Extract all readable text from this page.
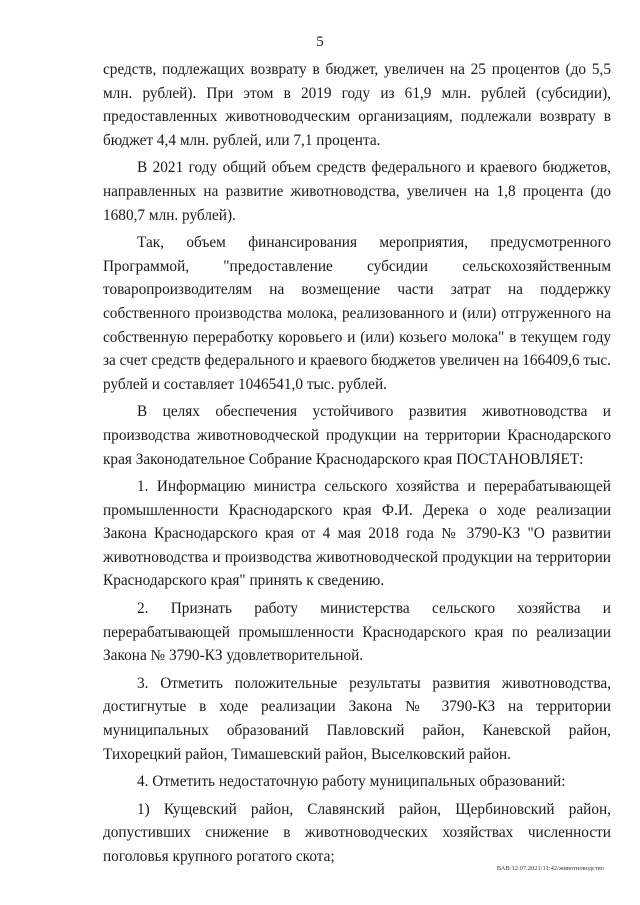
5

средств, подлежащих возврату в бюджет, увеличен на 25 процентов (до 5,5 млн. рублей). При этом в 2019 году из 61,9 млн. рублей (субсидии), предоставленных животноводческим организациям, подлежали возврату в бюджет 4,4 млн. рублей, или 7,1 процента.

В 2021 году общий объем средств федерального и краевого бюджетов, направленных на развитие животноводства, увеличен на 1,8 процента (до 1680,7 млн. рублей).

Так, объем финансирования мероприятия, предусмотренного Программой, "предоставление субсидии сельскохозяйственным товаропроизводителям на возмещение части затрат на поддержку собственного производства молока, реализованного и (или) отгруженного на собственную переработку коровьего и (или) козьего молока" в текущем году за счет средств федерального и краевого бюджетов увеличен на 166409,6 тыс. рублей и составляет 1046541,0 тыс. рублей.

В целях обеспечения устойчивого развития животноводства и производства животноводческой продукции на территории Краснодарского края Законодательное Собрание Краснодарского края ПОСТАНОВЛЯЕТ:

1. Информацию министра сельского хозяйства и перерабатывающей промышленности Краснодарского края Ф.И. Дерека о ходе реализации Закона Краснодарского края от 4 мая 2018 года № 3790-КЗ "О развитии животноводства и производства животноводческой продукции на территории Краснодарского края" принять к сведению.

2. Признать работу министерства сельского хозяйства и перерабатывающей промышленности Краснодарского края по реализации Закона № 3790-КЗ удовлетворительной.

3. Отметить положительные результаты развития животноводства, достигнутые в ходе реализации Закона № 3790-КЗ на территории муниципальных образований Павловский район, Каневской район, Тихорецкий район, Тимашевский район, Выселковский район.

4. Отметить недостаточную работу муниципальных образований:

1) Кущевский район, Славянский район, Щербиновский район, допустивших снижение в животноводческих хозяйствах численности поголовья крупного рогатого скота;

ВАВ/12.07.2021/11:42/животноводство
